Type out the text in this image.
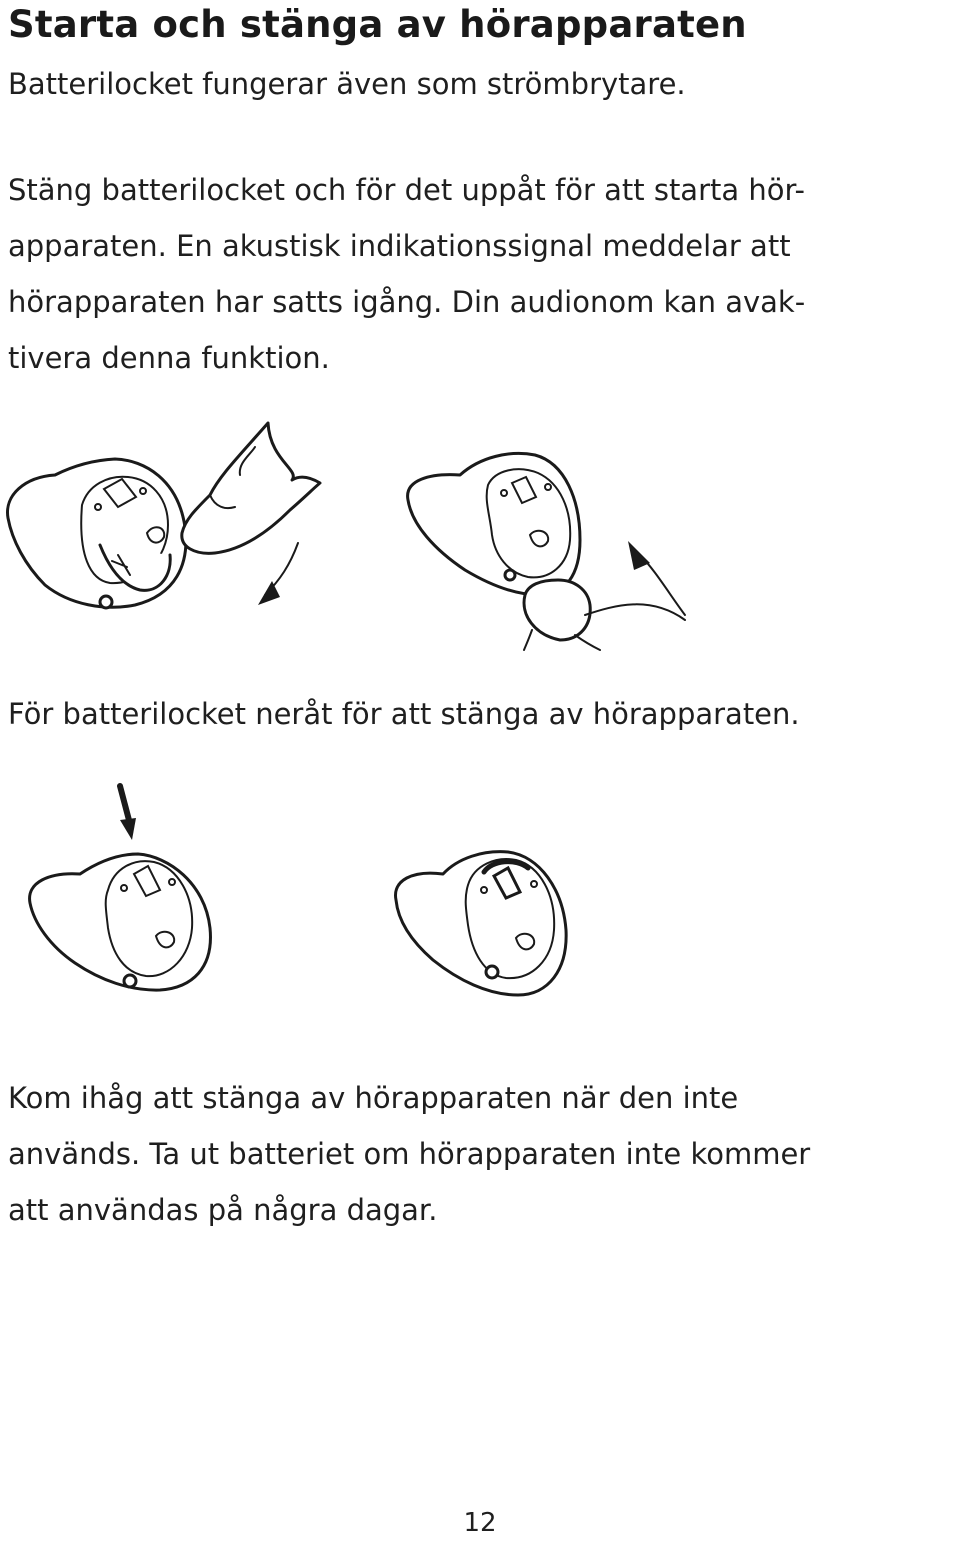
Starta och stänga av hörapparaten

Batterilocket fungerar även som strömbrytare.

Stäng batterilocket och för det uppåt för att starta hör-

apparaten. En akustisk indikationssignal meddelar att

hörapparaten har satts igång. Din audionom kan avak-

tivera denna funktion.

För batterilocket neråt för att stänga av hörapparaten.

Kom ihåg att stänga av hörapparaten när den inte

används. Ta ut batteriet om hörapparaten inte kommer

att användas på några dagar.

12
